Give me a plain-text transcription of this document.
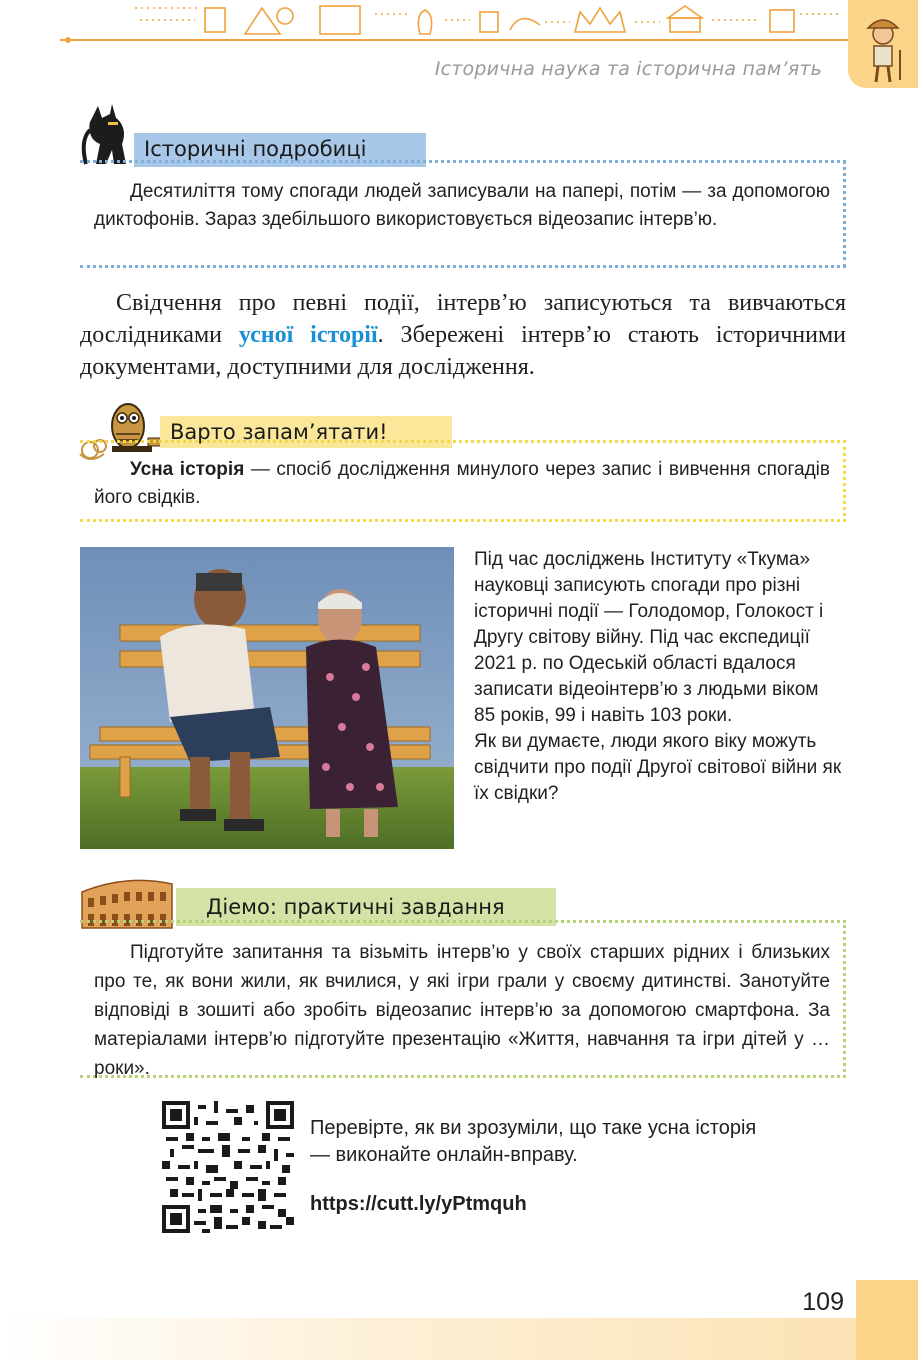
Історична наука та історична пам’ять
Історичні подробиці
Десятиліття тому спогади людей записували на папері, потім — за допомогою диктофонів. Зараз здебільшого використовується відеозапис інтерв’ю.
Свідчення про певні події, інтерв’ю записуються та вивчаються дослідниками усної історії. Збережені інтерв’ю стають історичними документами, доступними для дослідження.
Варто запам’ятати!
Усна історія — спосіб дослідження минулого через запис і вивчення спогадів його свідків.
Під час досліджень Інституту «Ткума» науковці записують спогади про різні історичні події — Голодомор, Голокост і Другу світову війну. Під час експедиції 2021 р. по Одеській області вдалося записати відеоінтерв’ю з людьми віком 85 років, 99 і навіть 103 роки.
Як ви думаєте, люди якого віку можуть свідчити про події Другої світової війни як їх свідки?
Діемо: практичні завдання
Підготуйте запитання та візьміть інтерв’ю у своїх старших рідних і близьких про те, як вони жили, як вчилися, у які ігри грали у своєму дитинстві. Занотуйте відповіді в зошиті або зробіть відеозапис інтерв’ю за допомогою смартфона. За матеріалами інтерв’ю підготуйте презентацію «Життя, навчання та ігри дітей у … роки».
Перевірте, як ви зрозуміли, що таке усна історія — виконайте онлайн-вправу.
https://cutt.ly/yPtmquh
109
